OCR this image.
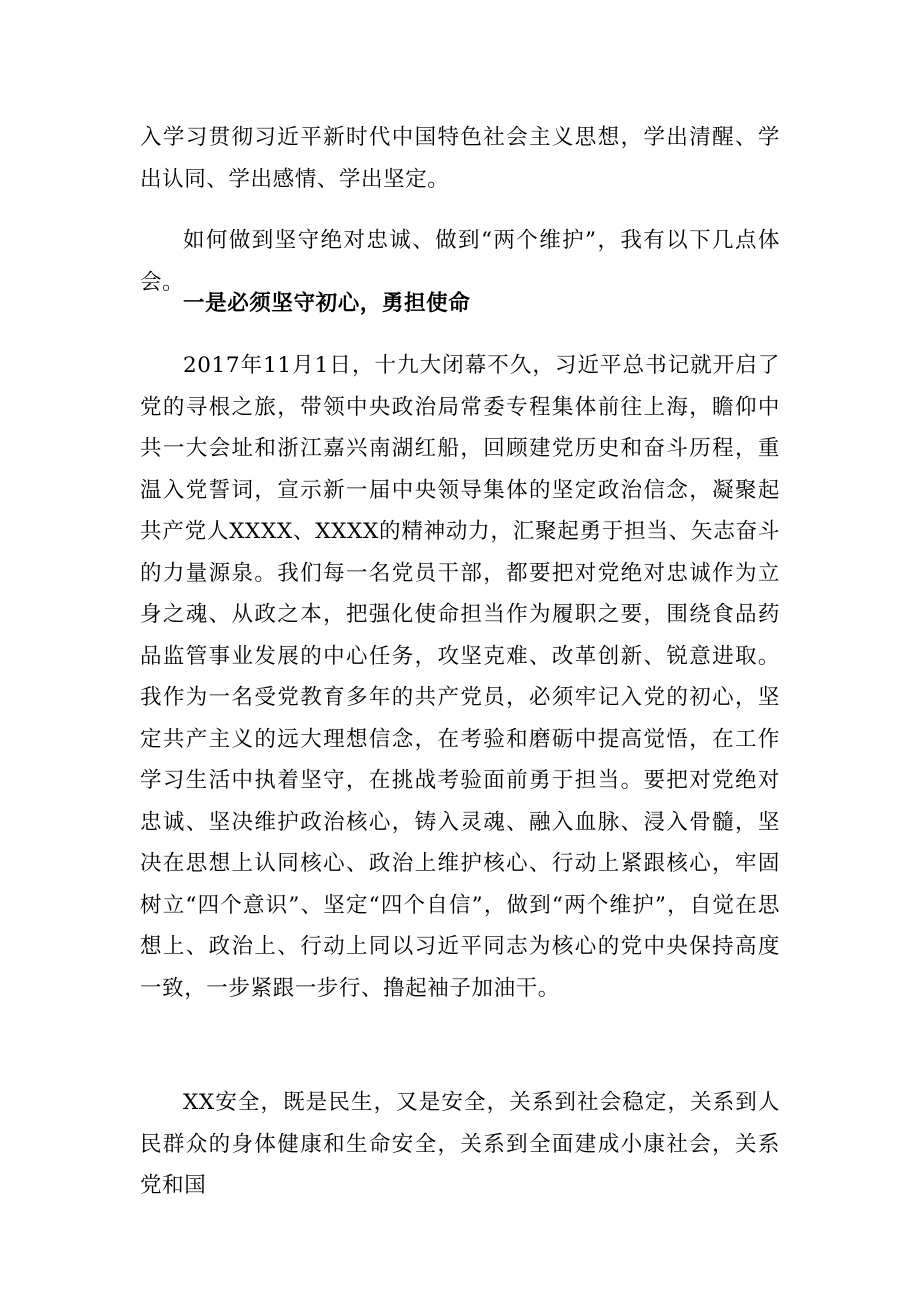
入学习贯彻习近平新时代中国特色社会主义思想，学出清醒、学出认同、学出感情、学出坚定。

如何做到坚守绝对忠诚、做到“两个维护”，我有以下几点体会。

一是必须坚守初心，勇担使命

2017年11月1日，十九大闭幕不久，习近平总书记就开启了党的寻根之旅，带领中央政治局常委专程集体前往上海，瞻仰中共一大会址和浙江嘉兴南湖红船，回顾建党历史和奋斗历程，重温入党誓词，宣示新一届中央领导集体的坚定政治信念，凝聚起共产党人XXXX、XXXX的精神动力，汇聚起勇于担当、矢志奋斗的力量源泉。我们每一名党员干部，都要把对党绝对忠诚作为立身之魂、从政之本，把强化使命担当作为履职之要，围绕食品药品监管事业发展的中心任务，攻坚克难、改革创新、锐意进取。我作为一名受党教育多年的共产党员，必须牢记入党的初心，坚定共产主义的远大理想信念，在考验和磨砺中提高觉悟，在工作学习生活中执着坚守，在挑战考验面前勇于担当。要把对党绝对忠诚、坚决维护政治核心，铸入灵魂、融入血脉、浸入骨髓，坚决在思想上认同核心、政治上维护核心、行动上紧跟核心，牢固树立“四个意识”、坚定“四个自信”，做到“两个维护”，自觉在思想上、政治上、行动上同以习近平同志为核心的党中央保持高度一致，一步紧跟一步行、撸起袖子加油干。

XX安全，既是民生，又是安全，关系到社会稳定，关系到人民群众的身体健康和生命安全，关系到全面建成小康社会，关系党和国
